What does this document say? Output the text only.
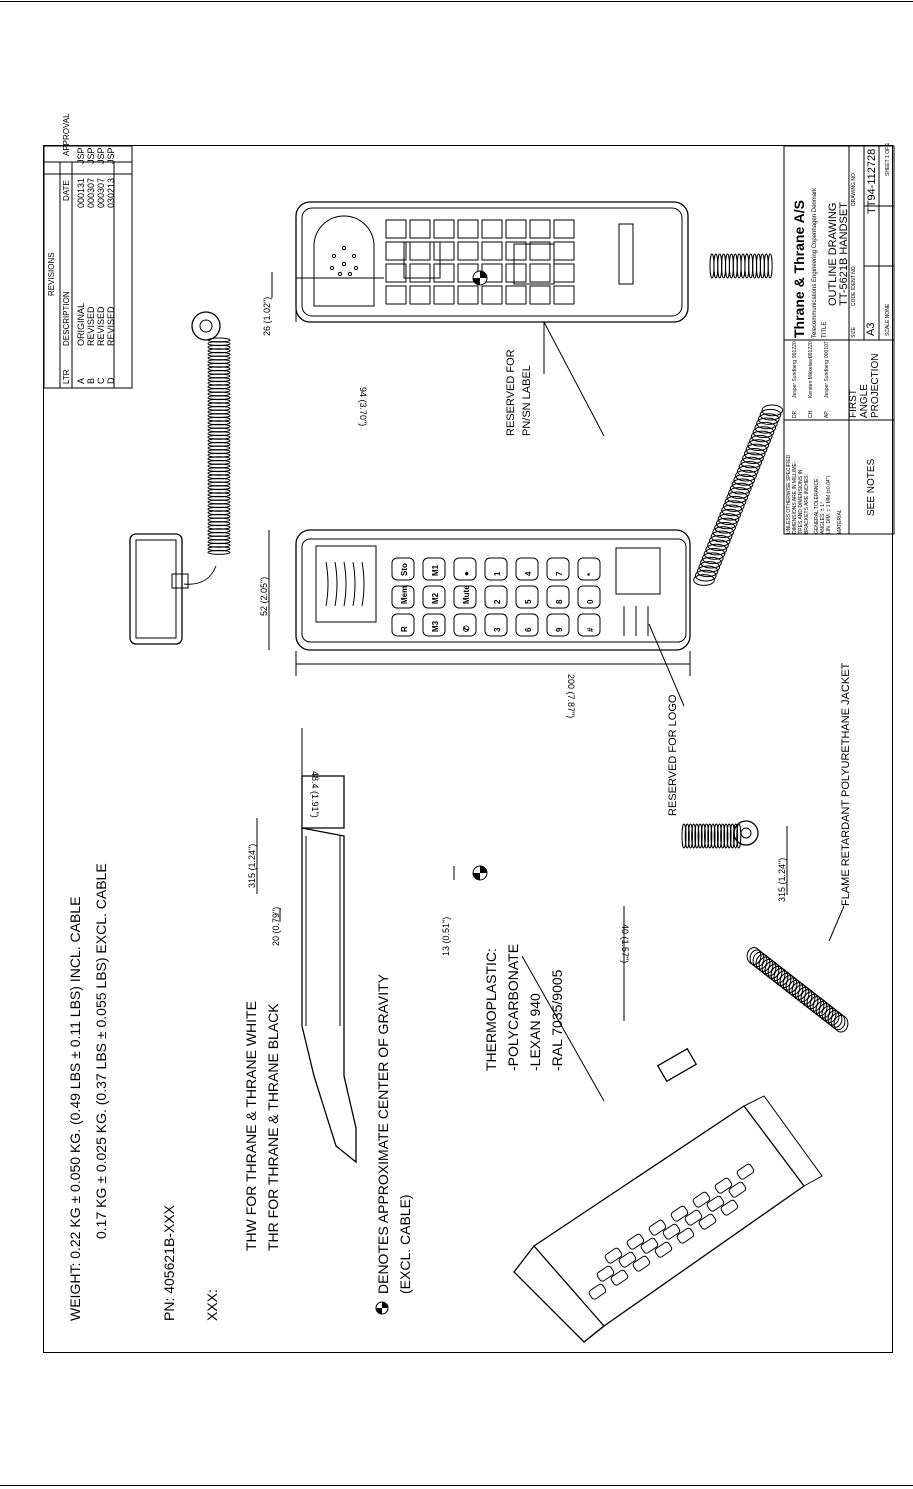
WEIGHT: 0.22 KG ± 0.050 KG. (0.49 LBS ± 0.11 LBS) INCL. CABLE 0.17 KG ± 0.025 KG. (0.37 LBS ± 0.055 LBS) EXCL. CABLE
PN: 405621B-XXX XXX:
THW FOR THRANE & THRANE WHITE THR FOR THRANE & THRANE BLACK	DENOTES APPROXIMATE CENTER OF GRAVITY (EXCL. CABLE)
THERMOPLASTIC: -POLYCARBONATE -LEXAN 940 -RAL 7035/9005
Sto
Mem
R
M1
M2
M3
●
Mute
✆
1
2
3
4
5
6
7
8
9
*
0
#
315 (1.24")
20 (0.79")	13 (0.51")
48.4 (1.91")
40 (1.57")
315 (1.24")
52 (2.05")
200 (7.87")
26 (1.02")
94 (3.70")
FLAME RETARDANT POLYURETHANE JACKET
RESERVED FOR LOGO
RESERVED FOR PN/SN LABEL
REVISIONS
LTR
DESCRIPTION
DATE
APPROVAL
A
ORIGINAL
000131
JSP
B
REVISED
000307
JSP
C
REVISED
000307
JSP
D
REVISED
030213
JSP
Thrane & Thrane A/S Telecommunications Engineering Copenhagen Denmark TITLE
OUTLINE DRAWING TT-5621B HANDSET
SIZE A3
CODE IDENT NO.
DRAWING NO. TT94-112728
SCALE NONE
SHEET 1 OF 1
UNLESS OTHERWISE SPECIFIED DIMENSIONS ARE IN MILLIME- TRES AND DIMENSIONS IN BRACKETS ARE INCHES. GENERAL TOLERANCE: ANGLES: ± 1° LIN. DIM. ± 1 MM (±0.04") MATERIAL
SEE NOTES
DR. CH. AP.
Jesper Sundberg Kersten Mikkelsen Jesper Sundberg
991220 991220 000107
FIRST ANGLE PROJECTION
